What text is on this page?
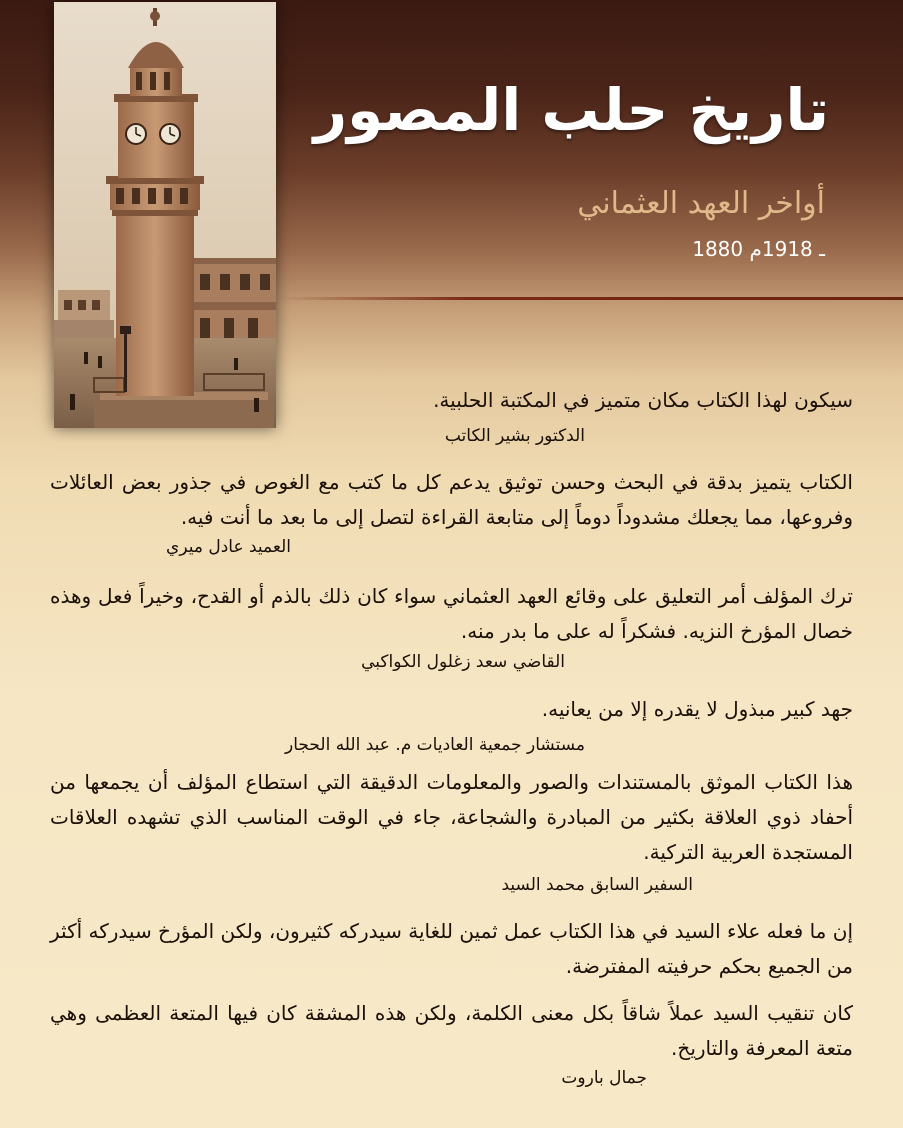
تاريخ حلب المصور

أواخر العهد العثماني

1880 ـ 1918م

سيكون لهذا الكتاب مكان متميز في المكتبة الحلبية.

الدكتور بشير الكاتب

الكتاب يتميز بدقة في البحث وحسن توثيق يدعم كل ما كتب مع الغوص في جذور بعض العائلات وفروعها، مما يجعلك مشدوداً دوماً إلى متابعة القراءة لتصل إلى ما بعد ما أنت فيه.

العميد عادل ميري

ترك المؤلف أمر التعليق على وقائع العهد العثماني سواء كان ذلك بالذم أو القدح، وخيراً فعل وهذه خصال المؤرخ النزيه. فشكراً له على ما بدر منه.

القاضي سعد زغلول الكواكبي

جهد كبير مبذول لا يقدره إلا من يعانيه.

مستشار جمعية العاديات م. عبد الله الحجار

هذا الكتاب الموثق بالمستندات والصور والمعلومات الدقيقة التي استطاع المؤلف أن يجمعها من أحفاد ذوي العلاقة بكثير من المبادرة والشجاعة، جاء في الوقت المناسب الذي تشهده العلاقات المستجدة العربية التركية.

السفير السابق محمد السيد

إن ما فعله علاء السيد في هذا الكتاب عمل ثمين للغاية سيدركه كثيرون، ولكن المؤرخ سيدركه أكثر من الجميع بحكم حرفيته المفترضة.

كان تنقيب السيد عملاً شاقاً بكل معنى الكلمة، ولكن هذه المشقة كان فيها المتعة العظمى وهي متعة المعرفة والتاريخ.

جمال باروت
